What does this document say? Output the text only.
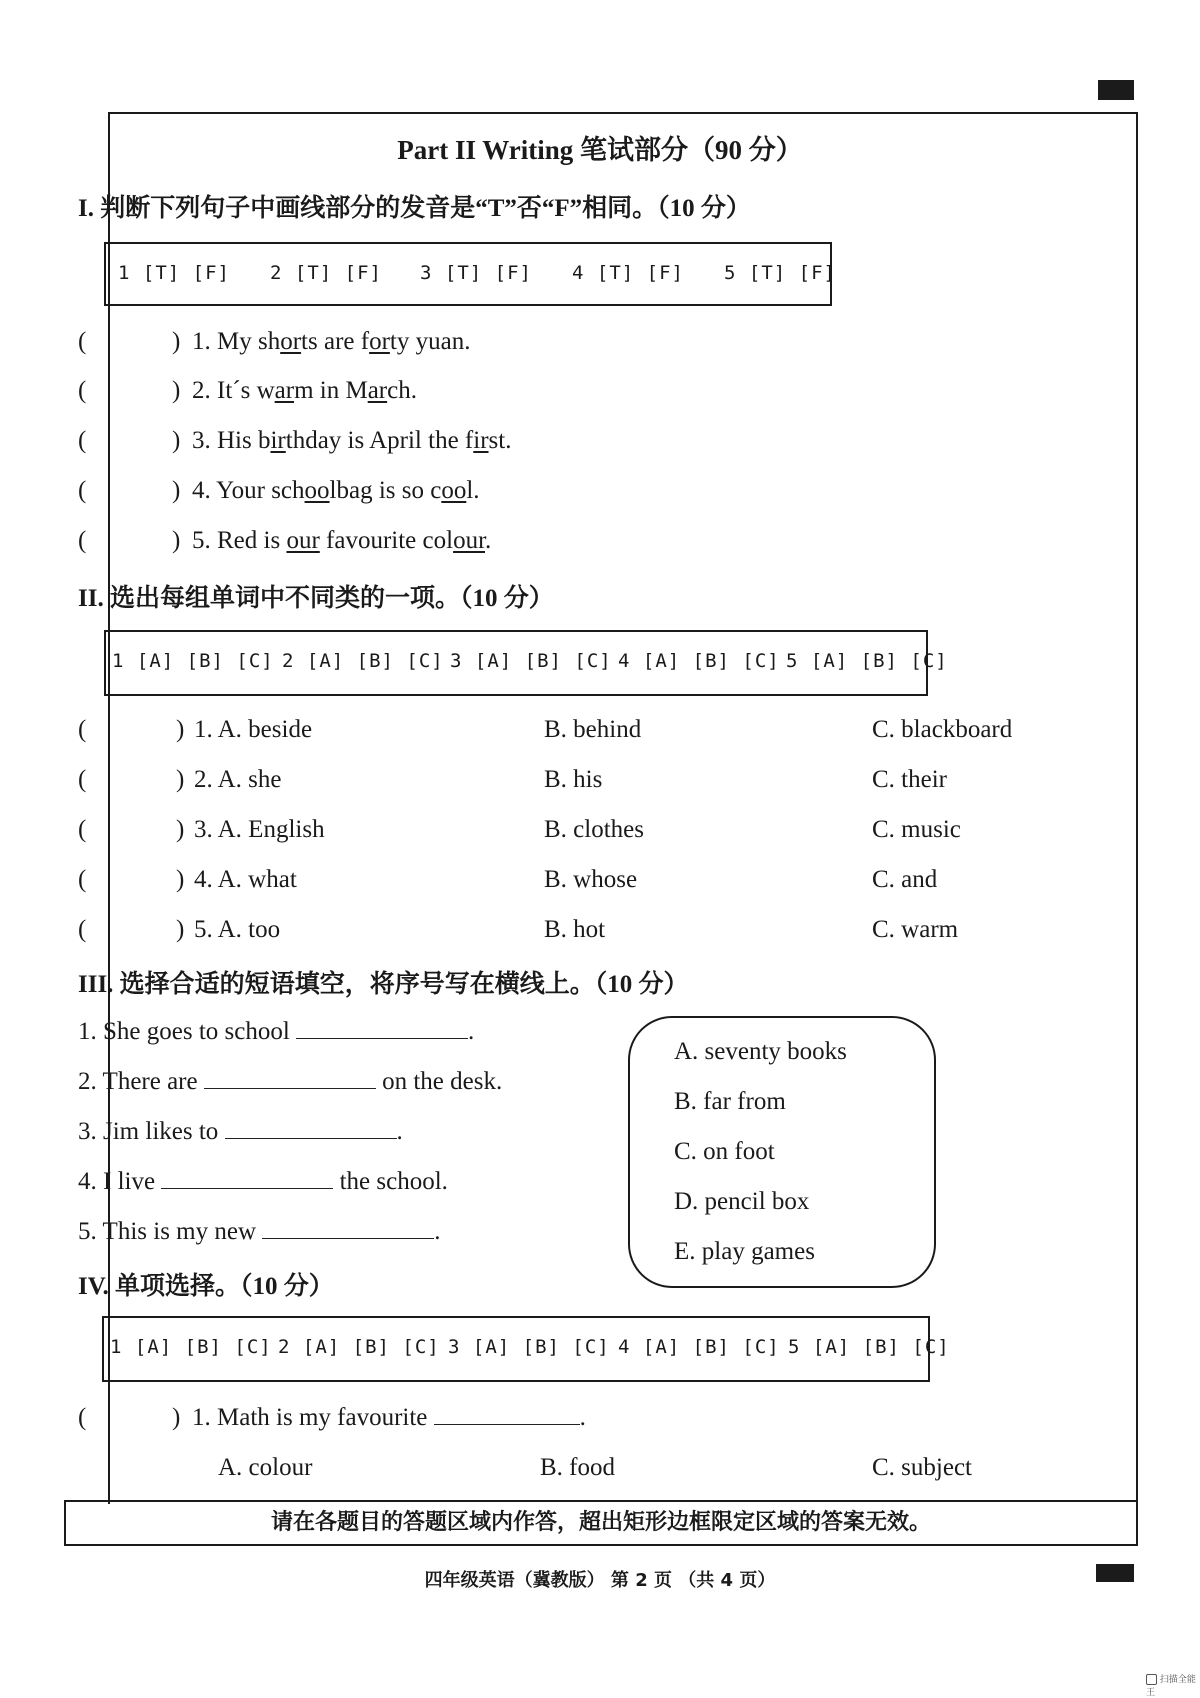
Part II Writing 笔试部分（90 分）
I. 判断下列句子中画线部分的发音是“T”否“F”相同。（10 分）
1 [T] [F] 2 [T] [F] 3 [T] [F] 4 [T] [F] 5 [T] [F]
(	) 1. My shorts are forty yuan.
(	) 2. It´s warm in March.
(	) 3. His birthday is April the first.
(	) 4. Your schoolbag is so cool.
(	) 5. Red is our favourite colour.
II. 选出每组单词中不同类的一项。（10 分）
1 [A] [B] [C] 2 [A] [B] [C] 3 [A] [B] [C] 4 [A] [B] [C] 5 [A] [B] [C]
(	) 1. A. beside	B. behind	C. blackboard
(	) 2. A. she	B. his	C. their
(	) 3. A. English	B. clothes	C. music
(	) 4. A. what	B. whose	C. and
(	) 5. A. too	B. hot	C. warm
III. 选择合适的短语填空，将序号写在横线上。（10 分）
1. She goes to school	.
2. There are	on the desk.
3. Jim likes to	.
4. I live	the school.
5. This is my new	.
A. seventy books
B. far from
C. on foot
D. pencil box
E. play games
IV. 单项选择。（10 分）
1 [A] [B] [C] 2 [A] [B] [C] 3 [A] [B] [C] 4 [A] [B] [C] 5 [A] [B] [C]
(	) 1. Math is my favourite	.
A. colour	B. food	C. subject
请在各题目的答题区域内作答，超出矩形边框限定区域的答案无效。
四年级英语（冀教版） 第 2 页 （共 4 页）
扫描全能王
